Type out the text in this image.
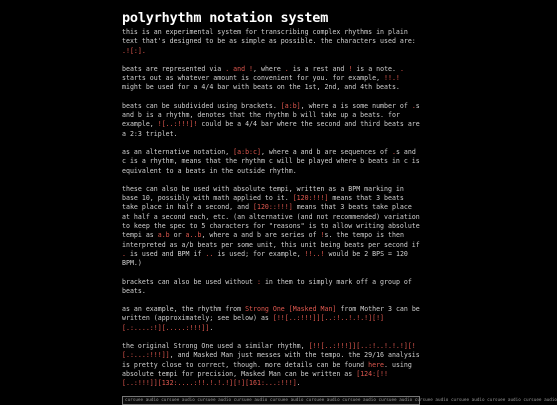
polyrhythm notation system

this is an experimental system for transcribing complex rhythms in plain text that's designed to be as simple as possible. the characters used are: .![:].

beats are represented via . and !, where . is a rest and ! is a note. . starts out as whatever amount is convenient for you. for example, !!.! might be used for a 4/4 bar with beats on the 1st, 2nd, and 4th beats.

beats can be subdivided using brackets. [a:b], where a is some number of .s and b is a rhythm, denotes that the rhythm b will take up a beats. for example, ![..:!!!]! could be a 4/4 bar where the second and third beats are a 2:3 triplet.

as an alternative notation, [a:b:c], where a and b are sequences of .s and c is a rhythm, means that the rhythm c will be played where b beats in c is equivalent to a beats in the outside rhythm.

these can also be used with absolute tempi, written as a BPM marking in base 10, possibly with math applied to it. [120:!!!] means that 3 beats take place in half a second, and [120::!!!] means that 3 beats take place at half a second each, etc. (an alternative (and not recommended) variation to keep the spec to 5 characters for "reasons" is to allow writing absolute tempi as a.b or a..b, where a and b are series of !s. the tempo is then interpreted as a/b beats per some unit, this unit being beats per second if . is used and BPM if .. is used; for example, !!..! would be 2 BPS = 120 BPM.)

brackets can also be used without : in them to simply mark off a group of beats.

as an example, the rhythm from Strong One [Masked Man] from Mother 3 can be written (approximately; see below) as [!![..:!!!]][..:!..!.!.!][!][.:....:!][.....:!!!]].

the original Strong One used a similar rhythm, [!![..:!!!]][..:!..!.!.!][![.:...:!!!]], and Masked Man just messes with the tempo. the 29/16 analysis is pretty close to correct, though. more details can be found here. using absolute tempi for precision, Masked Man can be written as [124:[!![..:!!!]][132:....:!!.!.!.!][!][161:...:!!!].

cursuee audio cursuee audio cursuee audio cursuee audio cursuee audio cursuee audio cursuee audio cursuee audio cursuee audio cursuee audio cursuee audio cursuee audio
